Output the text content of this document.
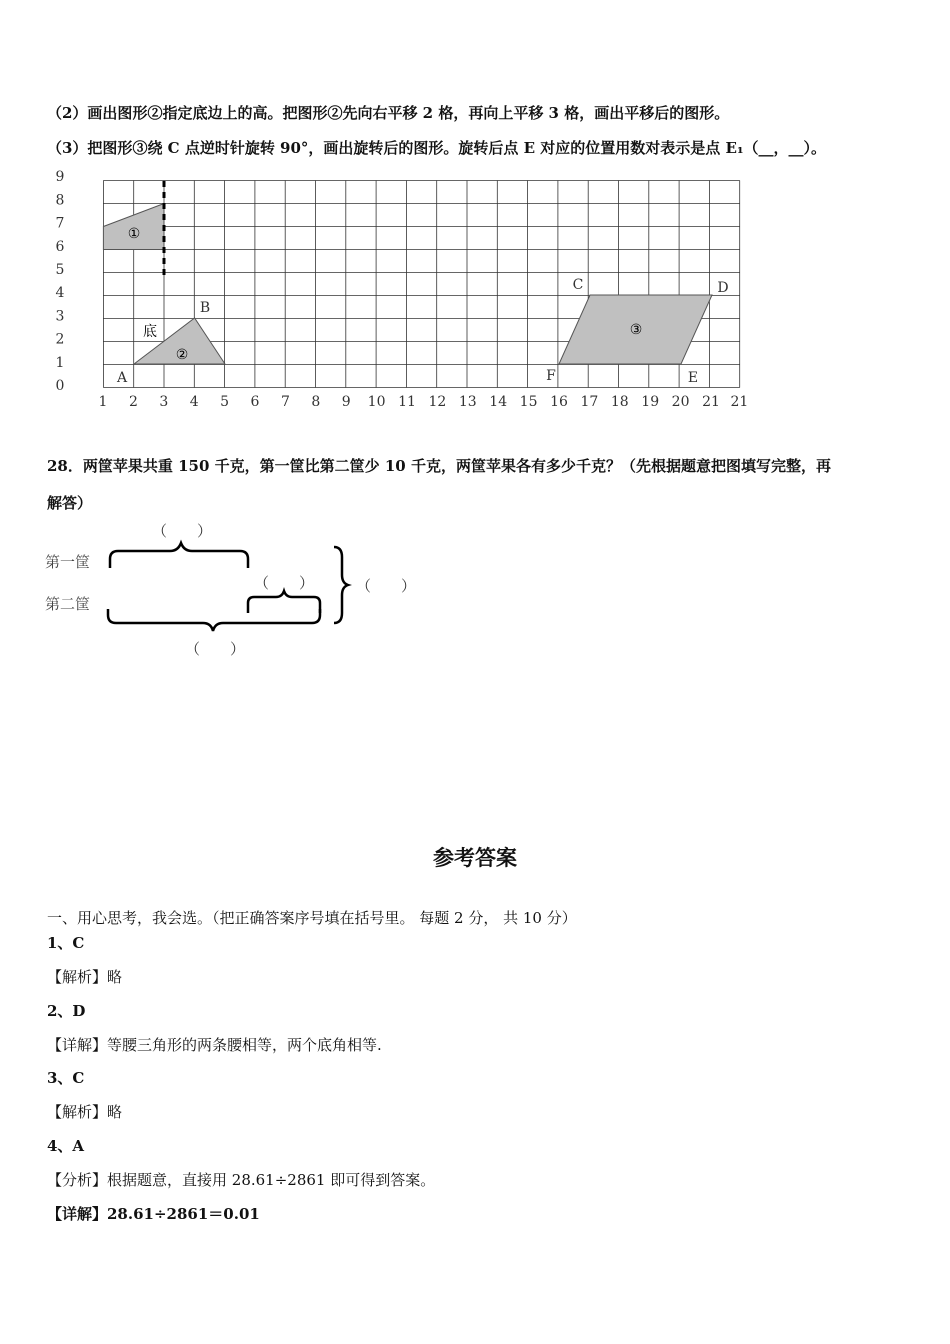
（2）画出图形②指定底边上的高。把图形②先向右平移 2 格，再向上平移 3 格，画出平移后的图形。
（3）把图形③绕 C 点逆时针旋转 90°，画出旋转后的图形。旋转后点 E 对应的位置用数对表示是点 E₁（__，__）。
①
②
底
A
B
③
C	D
E
F
1 2 3 4 5 6 7 8 9 10 11 12 13 14 15 16 17 18 19 20 21 21
0
1
2
3
4
5
6
7
8
9
28．两筐苹果共重 150 千克，第一筐比第二筐少 10 千克，两筐苹果各有多少千克？（先根据题意把图填写完整，再
解答）
第一筐
第二筐
（　　）
（　　）	（　　）
（　　）
参考答案
一、用心思考，我会选。（把正确答案序号填在括号里。 每题 2 分， 共 10 分）
1、C
【解析】略
2、D
【详解】等腰三角形的两条腰相等，两个底角相等.
3、C
【解析】略
4、A
【分析】根据题意，直接用 28.61÷2861 即可得到答案。
【详解】28.61÷2861＝0.01
